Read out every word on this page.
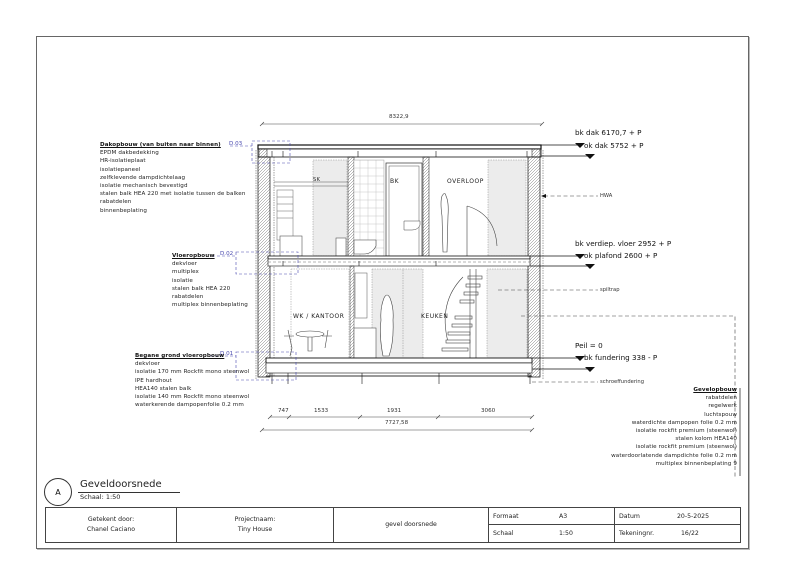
8322,9
747	1533	1931	3060
7727,58
SK	BK	OVERLOOP
WK / KANTOOR	KEUKEN
D.03
D.02
D.01
bk dak 6170,7 + P
ok dak 5752 + P
bk verdiep. vloer 2952 + P
ok plafond 2600 + P
Peil = 0
bk fundering 338 - P
HWA
spiltrap
schroeffundering
Dakopbouw (van buiten naar binnen)
EPDM dakbedekking
HR-isolatieplaat
isolatiepaneel
zelfklevende dampdichtelaag
isolatie mechanisch bevestigd
stalen balk HEA 220 met isolatie tussen de balken
rabatdelen
binnenbeplating
Vloeropbouw
dekvloer
multiplex
isolatie
stalen balk HEA 220
rabatdelen
multiplex binnenbeplating
Begane grond vloeropbouw
dekvloer
isolatie 170 mm Rockfit mono steenwol
IPE hardhout
HEA140 stalen balk
isolatie 140 mm Rockfit mono steenwol
waterkerende dampopenfolie 0.2 mm
Gevelopbouw
rabatdelen
regelwerk
luchtspouw
waterdichte dampopen folie 0.2 mm
isolatie rockfit premium (steenwol)
stalen kolom HEA140
isolatie rockfit premium (steenwol)
waterdoorlatende dampdichte folie 0.2 mm
multiplex binnenbeplating 9
A
Geveldoorsnede
Schaal: 1:50
Getekent door:
Chanel Caciano
Projectnaam:
Tiny House
gevel doorsnede
Formaat	A3
Schaal	1:50
Datum	20-5-2025
Tekeningnr.	16/22
